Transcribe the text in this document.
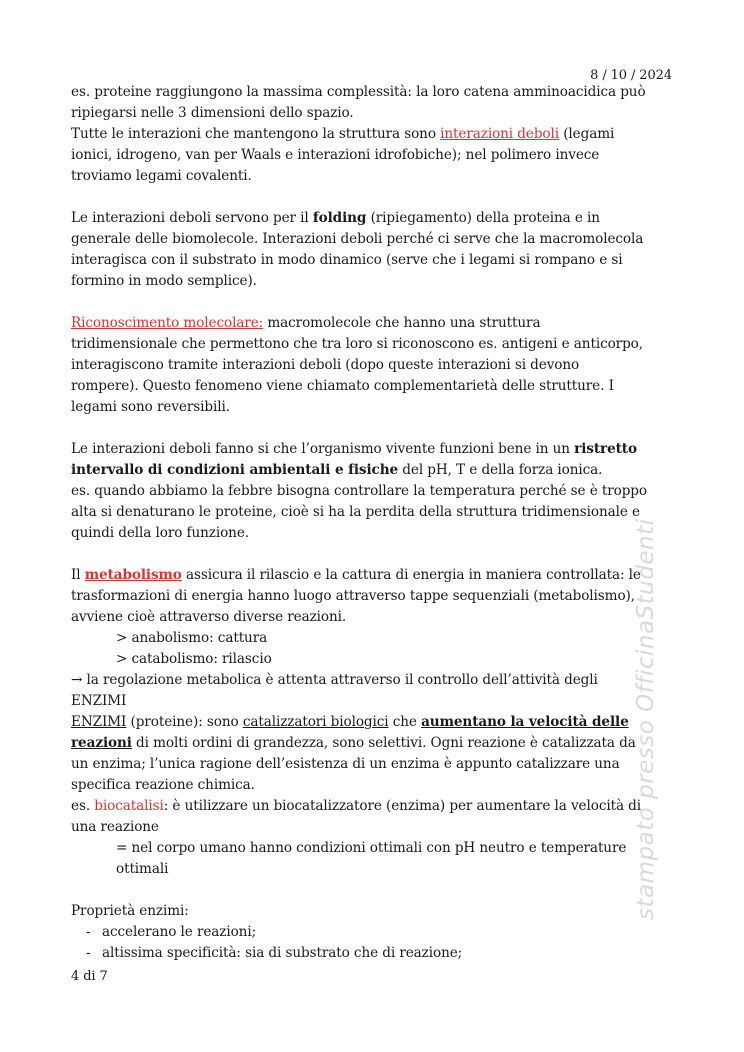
8 / 10 / 2024

es. proteine raggiungono la massima complessità: la loro catena amminoacidica può

ripiegarsi nelle 3 dimensioni dello spazio.

Tutte le interazioni che mantengono la struttura sono interazioni deboli (legami

ionici, idrogeno, van per Waals e interazioni idrofobiche); nel polimero invece

troviamo legami covalenti.

Le interazioni deboli servono per il folding (ripiegamento) della proteina e in

generale delle biomolecole. Interazioni deboli perché ci serve che la macromolecola

interagisca con il substrato in modo dinamico (serve che i legami si rompano e si

formino in modo semplice).

Riconoscimento molecolare: macromolecole che hanno una struttura

tridimensionale che permettono che tra loro si riconoscono es. antigeni e anticorpo,

interagiscono tramite interazioni deboli (dopo queste interazioni si devono

rompere). Questo fenomeno viene chiamato complementarietà delle strutture. I

legami sono reversibili.

Le interazioni deboli fanno si che l’organismo vivente funzioni bene in un ristretto

intervallo di condizioni ambientali e fisiche del pH, T e della forza ionica.

es. quando abbiamo la febbre bisogna controllare la temperatura perché se è troppo

alta si denaturano le proteine, cioè si ha la perdita della struttura tridimensionale e

quindi della loro funzione.

Il metabolismo assicura il rilascio e la cattura di energia in maniera controllata: le

trasformazioni di energia hanno luogo attraverso tappe sequenziali (metabolismo),

avviene cioè attraverso diverse reazioni.

> anabolismo: cattura

> catabolismo: rilascio

→ la regolazione metabolica è attenta attraverso il controllo dell’attività degli

ENZIMI

ENZIMI (proteine): sono catalizzatori biologici che aumentano la velocità delle

reazioni di molti ordini di grandezza, sono selettivi. Ogni reazione è catalizzata da

un enzima; l’unica ragione dell’esistenza di un enzima è appunto catalizzare una

specifica reazione chimica.

es. biocatalisi: è utilizzare un biocatalizzatore (enzima) per aumentare la velocità di

una reazione

= nel corpo umano hanno condizioni ottimali con pH neutro e temperature

ottimali

Proprietà enzimi:

- accelerano le reazioni;

- altissima specificità: sia di substrato che di reazione;

4 di 7
stampato presso OfficinaStudenti
